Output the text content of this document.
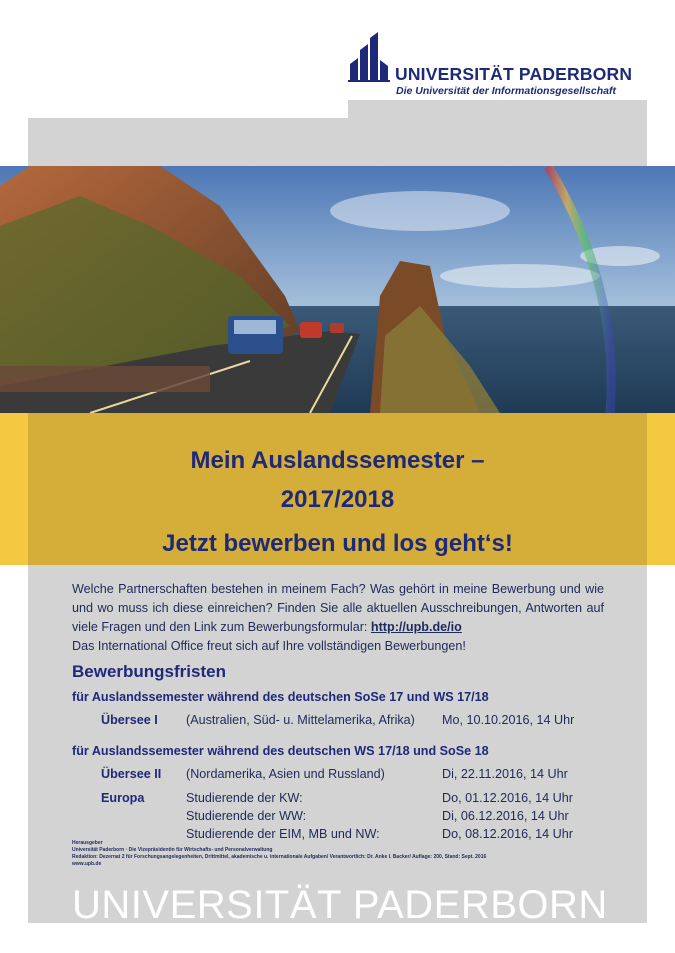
UNIVERSITÄT PADERBORN
Die Universität der Informationsgesellschaft
Mein Auslandssemester –
2017/2018
Jetzt bewerben und los geht‘s!
Welche Partnerschaften bestehen in meinem Fach? Was gehört in meine Bewerbung und wie und wo muss ich diese einreichen? Finden Sie alle aktuellen Ausschreibungen, Antworten auf viele Fragen und den Link zum Bewerbungsformular: http://upb.de/io
Das International Office freut sich auf Ihre vollständigen Bewerbungen!
Bewerbungsfristen
für Auslandssemester während des deutschen SoSe 17 und WS 17/18
Übersee I (Australien, Süd- u. Mittelamerika, Afrika) Mo, 10.10.2016, 14 Uhr
für Auslandssemester während des deutschen WS 17/18 und SoSe 18
Übersee II (Nordamerika, Asien und Russland)	Di, 22.11.2016, 14 Uhr
Europa	Studierende der KW:	Do, 01.12.2016, 14 Uhr
Studierende der WW:	Di, 06.12.2016, 14 Uhr
Studierende der EIM, MB und NW:	Do, 08.12.2016, 14 Uhr
Herausgeber
Universität Paderborn · Die Vizepräsidentin für Wirtschafts- und Personalverwaltung
Redaktion: Dezernat 2 für Forschungsangelegenheiten, Drittmittel, akademische u. internationale Aufgaben/ Verantwortlich: Dr. Anke I. Backer/ Auflage: 200, Stand: Sept. 2016
www.upb.de
UNIVERSITÄT PADERBORN
